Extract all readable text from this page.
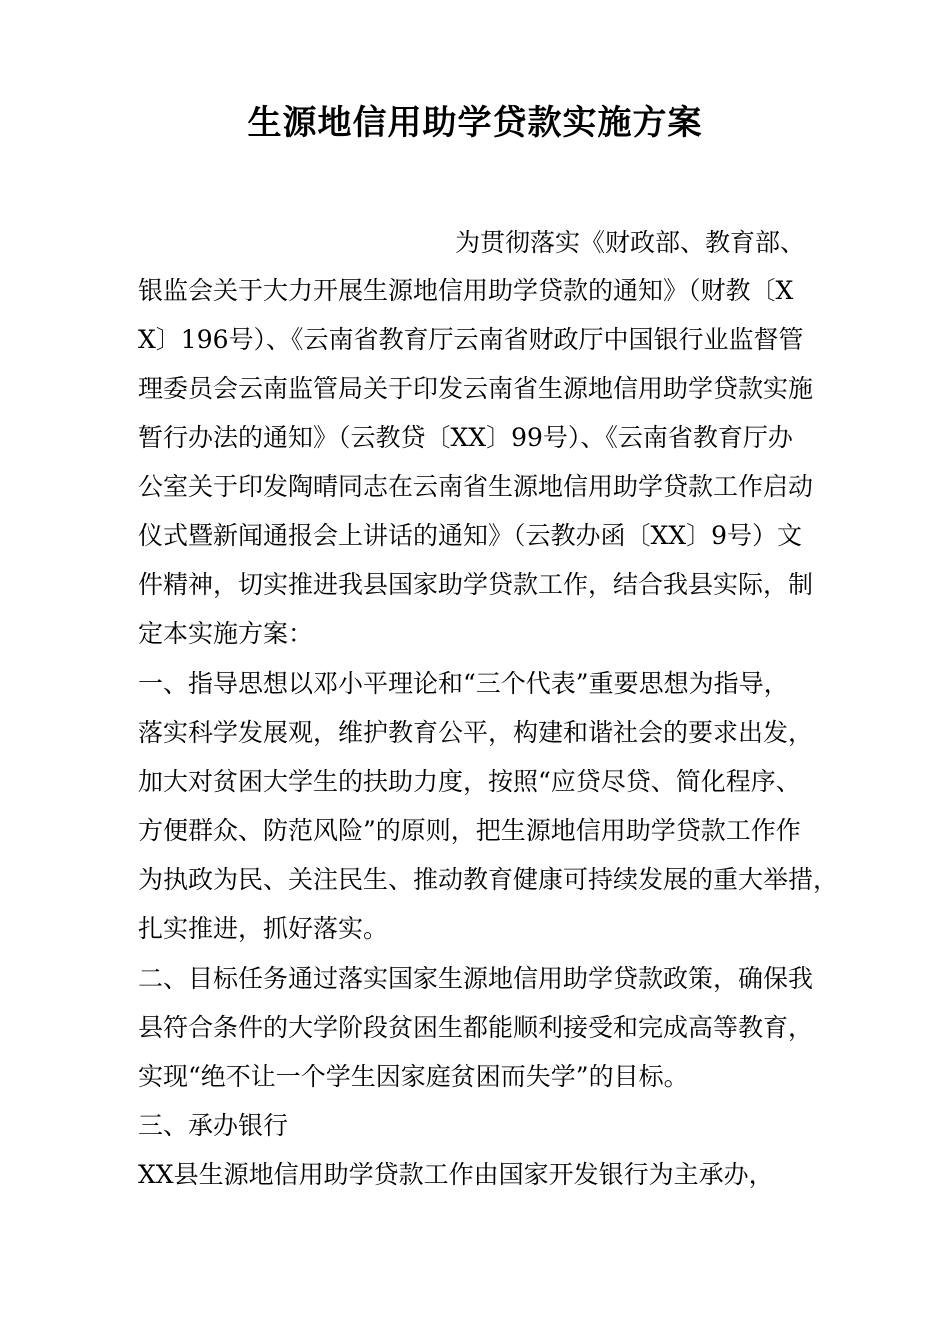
生源地信用助学贷款实施方案
为贯彻落实《财政部、教育部、
银监会关于大力开展生源地信用助学贷款的通知》（财教〔X
X〕196号）、《云南省教育厅云南省财政厅中国银行业监督管
理委员会云南监管局关于印发云南省生源地信用助学贷款实施
暂行办法的通知》（云教贷〔XX〕99号）、《云南省教育厅办
公室关于印发陶晴同志在云南省生源地信用助学贷款工作启动
仪式暨新闻通报会上讲话的通知》（云教办函〔XX〕9号）文
件精神，切实推进我县国家助学贷款工作，结合我县实际，制
定本实施方案：
一、指导思想以邓小平理论和“三个代表”重要思想为指导，
落实科学发展观，维护教育公平，构建和谐社会的要求出发，
加大对贫困大学生的扶助力度，按照“应贷尽贷、简化程序、
方便群众、防范风险”的原则，把生源地信用助学贷款工作作
为执政为民、关注民生、推动教育健康可持续发展的重大举措，
扎实推进，抓好落实。
二、目标任务通过落实国家生源地信用助学贷款政策，确保我
县符合条件的大学阶段贫困生都能顺利接受和完成高等教育，
实现“绝不让一个学生因家庭贫困而失学”的目标。
三、承办银行
XX县生源地信用助学贷款工作由国家开发银行为主承办，
